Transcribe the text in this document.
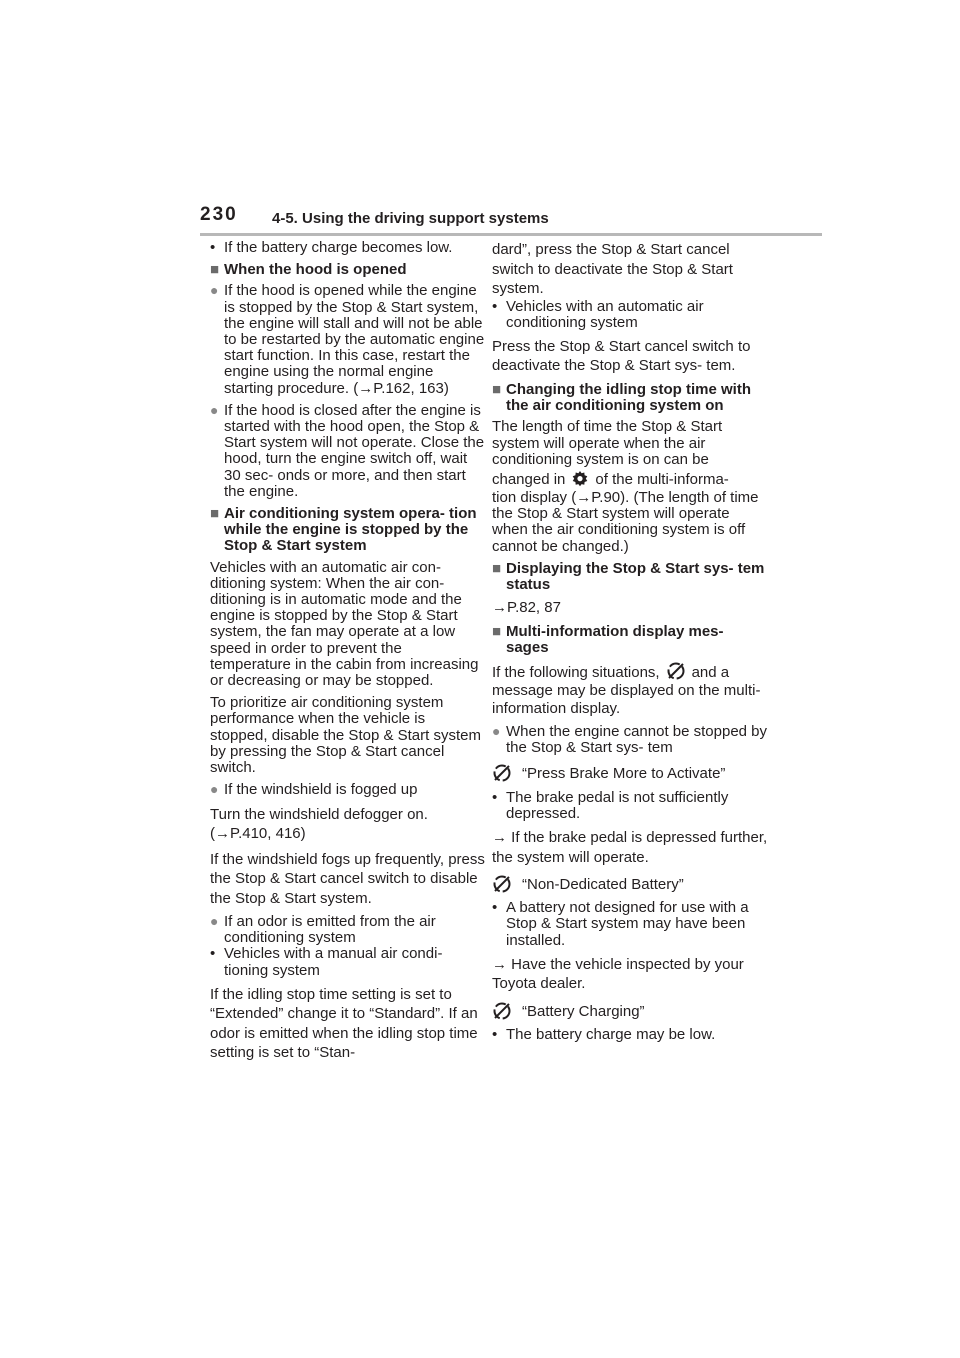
230 4-5. Using the driving support systems
• If the battery charge becomes low.
■ When the hood is opened
● If the hood is opened while the engine is stopped by the Stop & Start system, the engine will stall and will not be able to be restarted by the automatic engine start function. In this case, restart the engine using the normal engine starting procedure. (→P.162, 163)
● If the hood is closed after the engine is started with the hood open, the Stop & Start system will not operate. Close the hood, turn the engine switch off, wait 30 sec- onds or more, and then start the engine.
■ Air conditioning system opera- tion while the engine is stopped by the Stop & Start system

Vehicles with an automatic air con- ditioning system: When the air con- ditioning is in automatic mode and the engine is stopped by the Stop & Start system, the fan may operate at a low speed in order to prevent the temperature in the cabin from increasing or decreasing or may be stopped.

To prioritize air conditioning system performance when the vehicle is stopped, disable the Stop & Start system by pressing the Stop & Start cancel switch.

● If the windshield is fogged up

Turn the windshield defogger on. (→P.410, 416)

If the windshield fogs up frequently, press the Stop & Start cancel switch to disable the Stop & Start system.

● If an odor is emitted from the air conditioning system
• Vehicles with a manual air condi- tioning system

If the idling stop time setting is set to “Extended” change it to “Standard”. If an odor is emitted when the idling stop time setting is set to “Stan-

dard”, press the Stop & Start cancel switch to deactivate the Stop & Start system.

• Vehicles with an automatic air conditioning system

Press the Stop & Start cancel switch to deactivate the Stop & Start sys- tem.

■ Changing the idling stop time with the air conditioning system on

The length of time the Stop & Start system will operate when the air conditioning system is on can be

changed in of the multi-informa-

tion display (→P.90). (The length of time the Stop & Start system will operate when the air conditioning system is off cannot be changed.)

■ Displaying the Stop & Start sys- tem status

→P.82, 87

■ Multi-information display mes- sages

If the following situations, and a message may be displayed on the multi-information display.

● When the engine cannot be stopped by the Stop & Start sys- tem
“Press Brake More to Activate”
• The brake pedal is not sufficiently depressed.

→ If the brake pedal is depressed further, the system will operate.

“Non-Dedicated Battery”
• A battery not designed for use with a Stop & Start system may have been installed.

→ Have the vehicle inspected by your Toyota dealer.

“Battery Charging”
• The battery charge may be low.
